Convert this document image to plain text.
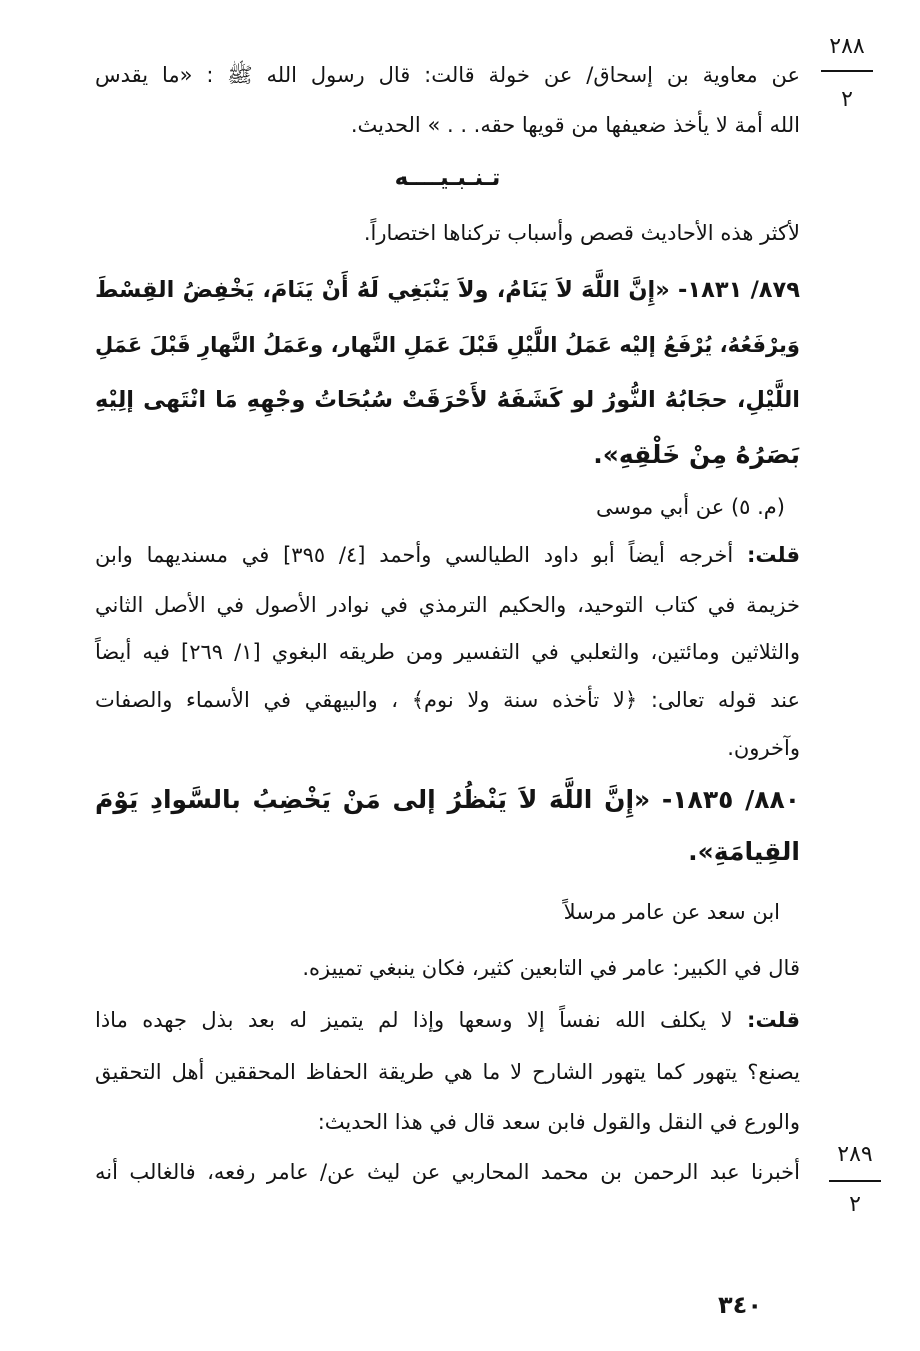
٢٨٨
٢
٢٨٩
٢
عن معاوية بن إسحاق/ عن خولة قالت: قال رسول الله ﷺ : «ما يقدس
الله أمة لا يأخذ ضعيفها من قويها حقه. . . » الحديث.
تـنـبـيــــه
لأكثر هذه الأحاديث قصص وأسباب تركناها اختصاراً.
٨٧٩/ ١٨٣١- «إِنَّ اللَّهَ لاَ يَنَامُ، ولاَ يَنْبَغِي لَهُ أَنْ يَنَامَ، يَخْفِضُ القِسْطَ
وَيرْفَعُهُ، يُرْفَعُ إليْه عَمَلُ اللَّيْلِ قَبْلَ عَمَلِ النَّهار، وعَمَلُ النَّهارِ قَبْلَ عَمَلِ
اللَّيْلِ، حجَابُهُ النُّورُ لو كَشَفَهُ لأَحْرَقَتْ سُبُحَاتُ وجْهِهِ مَا انْتَهى إلِيْهِ
بَصَرُهُ مِنْ خَلْقِهِ».
(م. ٥) عن أبي موسى
قلت: أخرجه أيضاً أبو داود الطيالسي وأحمد [٤/ ٣٩٥] في مسنديهما وابن
خزيمة في كتاب التوحيد، والحكيم الترمذي في نوادر الأصول في الأصل الثاني
والثلاثين ومائتين، والثعلبي في التفسير ومن طريقه البغوي [١/ ٢٦٩] فيه أيضاً
عند قوله تعالى: ﴿لا تأخذه سنة ولا نوم﴾ ، والبيهقي في الأسماء والصفات
وآخرون.
٨٨٠/ ١٨٣٥- «إِنَّ اللَّهَ لاَ يَنْظُرُ إلى مَنْ يَخْضِبُ بالسَّوادِ يَوْمَ
القِيامَةِ».
ابن سعد عن عامر مرسلاً
قال في الكبير: عامر في التابعين كثير، فكان ينبغي تمييزه.
قلت: لا يكلف الله نفساً إلا وسعها وإذا لم يتميز له بعد بذل جهده ماذا
يصنع؟ يتهور كما يتهور الشارح لا ما هي طريقة الحفاظ المحققين أهل التحقيق
والورع في النقل والقول فابن سعد قال في هذا الحديث:
أخبرنا عبد الرحمن بن محمد المحاربي عن ليث عن/ عامر رفعه، فالغالب أنه
٣٤٠
